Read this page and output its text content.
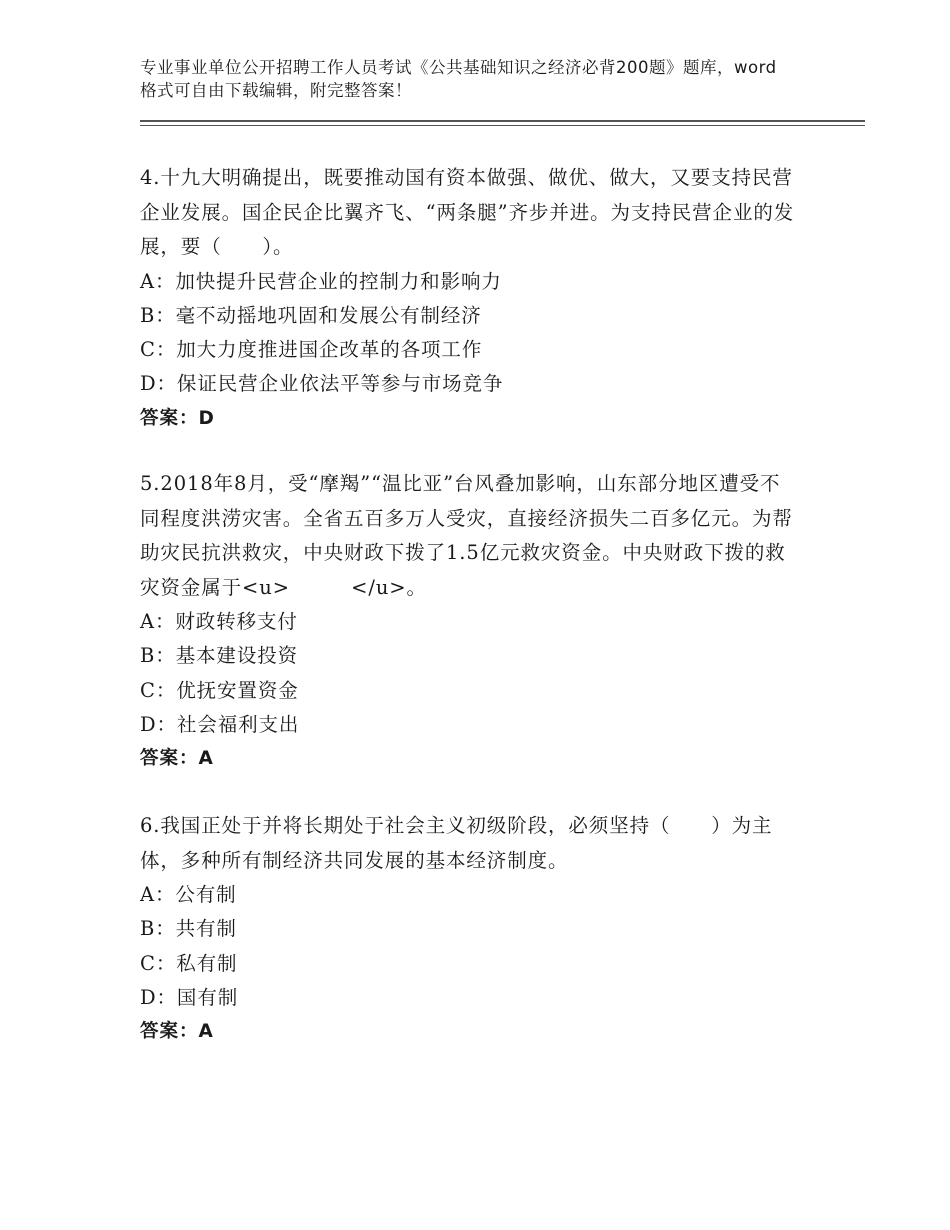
专业事业单位公开招聘工作人员考试《公共基础知识之经济必背200题》题库，word格式可自由下载编辑，附完整答案！

4.十九大明确提出，既要推动国有资本做强、做优、做大，又要支持民营企业发展。国企民企比翼齐飞、“两条腿”齐步并进。为支持民营企业的发展，要（　　）。

A：加快提升民营企业的控制力和影响力

B：毫不动摇地巩固和发展公有制经济

C：加大力度推进国企改革的各项工作

D：保证民营企业依法平等参与市场竞争

答案：D

5.2018年8月，受“摩羯”“温比亚”台风叠加影响，山东部分地区遭受不同程度洪涝灾害。全省五百多万人受灾，直接经济损失二百多亿元。为帮助灾民抗洪救灾，中央财政下拨了1.5亿元救灾资金。中央财政下拨的救灾资金属于<u>　　　</u>。

A：财政转移支付

B：基本建设投资

C：优抚安置资金

D：社会福利支出

答案：A

6.我国正处于并将长期处于社会主义初级阶段，必须坚持（　　）为主体，多种所有制经济共同发展的基本经济制度。

A：公有制

B：共有制

C：私有制

D：国有制

答案：A
